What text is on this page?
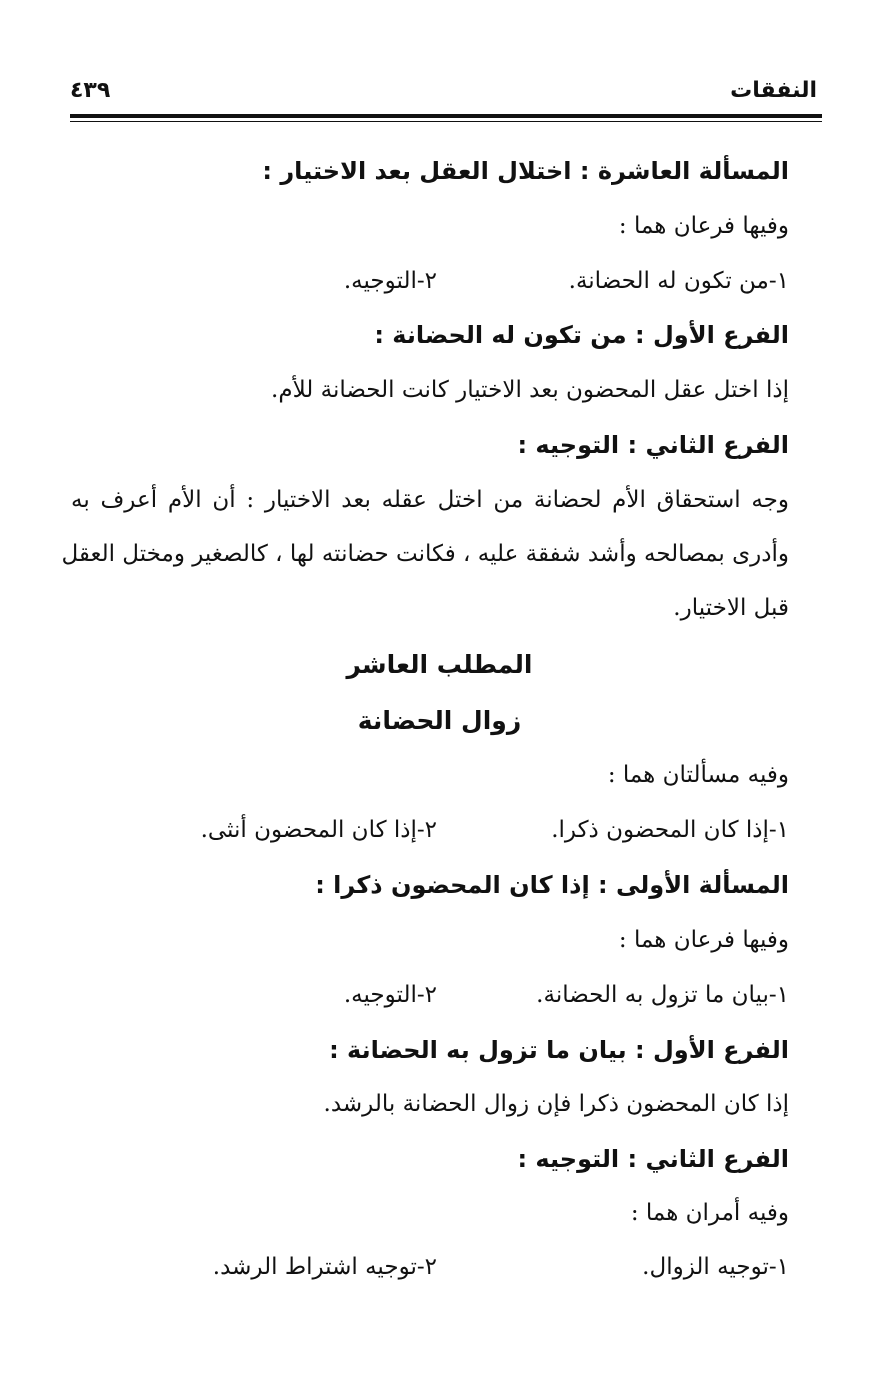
النفقات
٤٣٩
المسألة العاشرة : اختلال العقل بعد الاختيار :
وفيها فرعان هما :
١-من تكون له الحضانة.
٢-التوجيه.
الفرع الأول : من تكون له الحضانة :
إذا اختل عقل المحضون بعد الاختيار كانت الحضانة للأم.
الفرع الثاني : التوجيه :
وجه استحقاق الأم لحضانة من اختل عقله بعد الاختيار : أن الأم أعرف به
وأدرى بمصالحه وأشد شفقة عليه ، فكانت حضانته لها ، كالصغير ومختل العقل
قبل الاختيار.
المطلب العاشر
زوال الحضانة
وفيه مسألتان هما :
١-إذا كان المحضون ذكرا.
٢-إذا كان المحضون أنثى.
المسألة الأولى : إذا كان المحضون ذكرا :
وفيها فرعان هما :
١-بيان ما تزول به الحضانة.
٢-التوجيه.
الفرع الأول : بيان ما تزول به الحضانة :
إذا كان المحضون ذكرا فإن زوال الحضانة بالرشد.
الفرع الثاني : التوجيه :
وفيه أمران هما :
١-توجيه الزوال.
٢-توجيه اشتراط الرشد.
